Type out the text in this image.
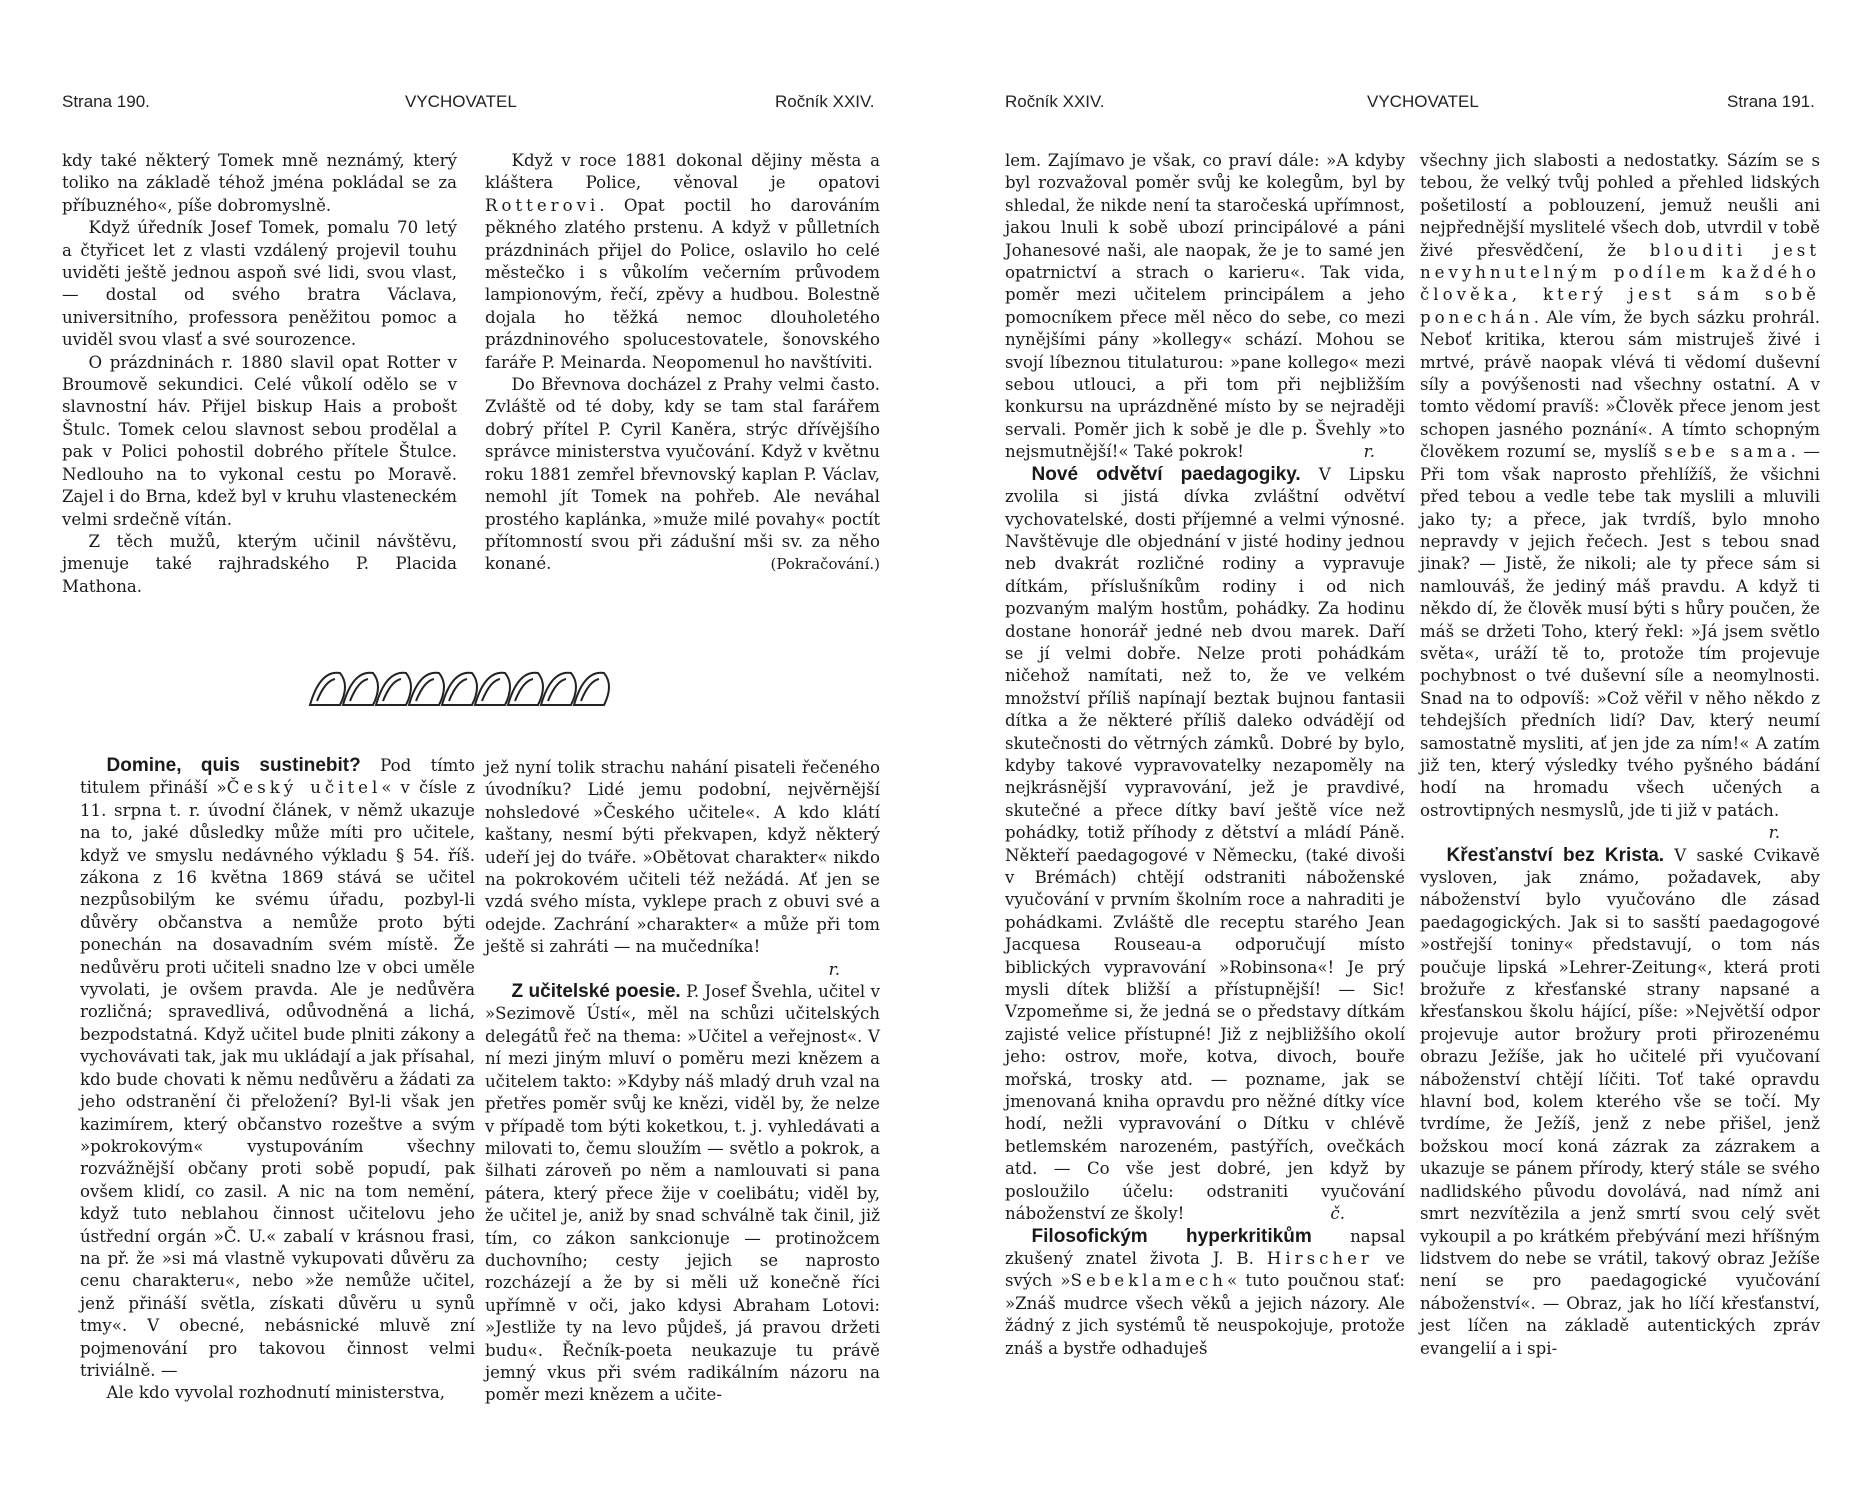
Strana 190.	VYCHOVATEL	Ročník XXIV.

kdy také některý Tomek mně neznámý, který toliko na základě téhož jména pokládal se za příbuzného«, píše dobromyslně.

Když úředník Josef Tomek, pomalu 70 letý a čtyřicet let z vlasti vzdálený projevil touhu uviděti ještě jednou aspoň své lidi, svou vlast, — dostal od svého bratra Václava, universitního, professora peněžitou pomoc a uviděl svou vlasť a své sourozence.

O prázdninách r. 1880 slavil opat Rotter v Broumově sekundici. Celé vůkolí odělo se v slavnostní háv. Přijel biskup Hais a probošt Štulc. Tomek celou slavnost sebou prodělal a pak v Polici pohostil dobrého přítele Štulce. Nedlouho na to vykonal cestu po Moravě. Zajel i do Brna, kdež byl v kruhu vlasteneckém velmi srdečně vítán.

Z těch mužů, kterým učinil návštěvu, jmenuje také rajhradského P. Placida Mathona.

Když v roce 1881 dokonal dějiny města a kláštera Police, věnoval je opatovi Rotterovi. Opat poctil ho darováním pěkného zlatého prstenu. A když v půlletních prázdninách přijel do Police, oslavilo ho celé městečko i s vůkolím večerním průvodem lampionovým, řečí, zpěvy a hudbou. Bolestně dojala ho těžká nemoc dlouholetého prázdninového spolucestovatele, šonovského faráře P. Meinarda. Neopomenul ho navštíviti.

Do Břevnova docházel z Prahy velmi často. Zvláště od té doby, kdy se tam stal farářem dobrý přítel P. Cyril Kaněra, strýc dřívějšího správce ministerstva vyučování. Když v květnu roku 1881 zemřel břevnovský kaplan P. Václav, nemohl jít Tomek na pohřeb. Ale neváhal prostého kaplánka, »muže milé povahy« poctít přítomností svou při zádušní mši sv. za něho konané.	(Pokračování.)

Domine, quis sustinebit? Pod tímto titulem přináší »Český učitel« v čísle z 11. srpna t. r. úvodní článek, v němž ukazuje na to, jaké důsledky může míti pro učitele, když ve smyslu nedávného výkladu § 54. říš. zákona z 16 května 1869 stává se učitel nezpůsobilým ke svému úřadu, pozbyl-li důvěry občanstva a nemůže proto býti ponechán na dosavadním svém místě. Že nedůvěru proti učiteli snadno lze v obci uměle vyvolati, je ovšem pravda. Ale je nedůvěra rozličná; spravedlivá, odůvodněná a lichá, bezpodstatná. Když učitel bude plniti zákony a vychovávati tak, jak mu ukládají a jak přísahal, kdo bude chovati k němu nedůvěru a žádati za jeho odstranění či přeložení? Byl-li však jen kazimírem, který občanstvo rozeštve a svým »pokrokovým« vystupováním všechny rozvážnější občany proti sobě popudí, pak ovšem klidí, co zasil. A nic na tom nemění, když tuto neblahou činnost učitelovu jeho ústřední orgán »Č. U.« zabalí v krásnou frasi, na př. že »si má vlastně vykupovati důvěru za cenu charakteru«, nebo »že nemůže učitel, jenž přináší světla, získati důvěru u synů tmy«. V obecné, nebásnické mluvě zní pojmenování pro takovou činnost velmi triviálně. —

Ale kdo vyvolal rozhodnutí ministerstva,

jež nyní tolik strachu nahání pisateli řečeného úvodníku? Lidé jemu podobní, nejvěrnější nohsledové »Českého učitele«. A kdo klátí kaštany, nesmí býti překvapen, když některý udeří jej do tváře. »Obětovat charakter« nikdo na pokrokovém učiteli též nežádá. Ať jen se vzdá svého místa, vyklepe prach z obuvi své a odejde. Zachrání »charakter« a může při tom ještě si zahráti — na mučedníka!
r.

Z učitelské poesie. P. Josef Švehla, učitel v »Sezimově Ústí«, měl na schůzi učitelských delegátů řeč na thema: »Učitel a veřejnost«. V ní mezi jiným mluví o poměru mezi knězem a učitelem takto: »Kdyby náš mladý druh vzal na přetřes poměr svůj ke knězi, viděl by, že nelze v případě tom býti koketkou, t. j. vyhledávati a milovati to, čemu sloužím — světlo a pokrok, a šilhati zároveň po něm a namlouvati si pana pátera, který přece žije v coelibátu; viděl by, že učitel je, aniž by snad schválně tak činil, již tím, co zákon sankcionuje — protinožcem duchovního; cesty jejich se naprosto rozcházejí a že by si měli už konečně říci upřímně v oči, jako kdysi Abraham Lotovi: »Jestliže ty na levo půjdeš, já pravou držeti budu«. Řečník-poeta neukazuje tu právě jemný vkus při svém radikálním názoru na poměr mezi knězem a učite-

Ročník XXIV.	VYCHOVATEL	Strana 191.

lem. Zajímavo je však, co praví dále: »A kdyby byl rozvažoval poměr svůj ke kolegům, byl by shledal, že nikde není ta staročeská upřímnost, jakou lnuli k sobě ubozí principálové a páni Johanesové naši, ale naopak, že je to samé jen opatrnictví a strach o karieru«. Tak vida, poměr mezi učitelem principálem a jeho pomocníkem přece měl něco do sebe, co mezi nynějšími pány »kollegy« schází. Mohou se svojí líbeznou titulaturou: »pane kollego« mezi sebou utlouci, a při tom při nejbližším konkursu na uprázdněné místo by se nejraději servali. Poměr jich k sobě je dle p. Švehly »to nejsmutnější!« Také pokrok!	r.

Nové odvětví paedagogiky. V Lipsku zvolila si jistá dívka zvláštní odvětví vychovatelské, dosti příjemné a velmi výnosné. Navštěvuje dle objednání v jisté hodiny jednou neb dvakrát rozličné rodiny a vypravuje dítkám, příslušníkům rodiny i od nich pozvaným malým hostům, pohádky. Za hodinu dostane honorář jedné neb dvou marek. Daří se jí velmi dobře. Nelze proti pohádkám ničehož namítati, než to, že ve velkém množství příliš napínají beztak bujnou fantasii dítka a že některé příliš daleko odvádějí od skutečnosti do větrných zámků. Dobré by bylo, kdyby takové vypravovatelky nezapoměly na nejkrásnější vypravování, jež je pravdivé, skutečné a přece dítky baví ještě více než pohádky, totiž příhody z dětství a mládí Páně. Někteří paedagogové v Německu, (také divoši v Brémách) chtějí odstraniti náboženské vyučování v prvním školním roce a nahraditi je pohádkami. Zvláště dle receptu starého Jean Jacquesa Rouseau-a odporučují místo biblických vypravování »Robinsona«! Je prý mysli dítek bližší a přístupnější! — Sic! Vzpomeňme si, že jedná se o představy dítkám zajisté velice přístupné! Již z nejbližšího okolí jeho: ostrov, moře, kotva, divoch, bouře mořská, trosky atd. — pozname, jak se jmenovaná kniha opravdu pro něžné dítky více hodí, nežli vypravování o Dítku v chlévě betlemském narozeném, pastýřích, ovečkách atd. — Co vše jest dobré, jen když by posloužilo účelu: odstraniti vyučování náboženství ze školy!	č.

Filosofickým hyperkritikům napsal zkušený znatel života J. B. Hirscher ve svých »Sebeklamech« tuto poučnou stať: »Znáš mudrce všech věků a jejich názory. Ale žádný z jich systémů tě neuspokojuje, protože znáš a bystře odhaduješ

všechny jich slabosti a nedostatky. Sázím se s tebou, že velký tvůj pohled a přehled lidských pošetilostí a poblouzení, jemuž neušli ani nejpřednější myslitelé všech dob, utvrdil v tobě živé přesvědčení, že blouditi jest nevyhnutelným podílem každého člověka, který jest sám sobě ponechán. Ale vím, že bych sázku prohrál. Neboť kritika, kterou sám mistruješ živé i mrtvé, právě naopak vlévá ti vědomí duševní síly a povýšenosti nad všechny ostatní. A v tomto vědomí pravíš: »Člověk přece jenom jest schopen jasného poznání«. A tímto schopným člověkem rozumí se, myslíš sebe sama. — Při tom však naprosto přehlížíš, že všichni před tebou a vedle tebe tak myslili a mluvili jako ty; a přece, jak tvrdíš, bylo mnoho nepravdy v jejich řečech. Jest s tebou snad jinak? — Jistě, že nikoli; ale ty přece sám si namlouváš, že jediný máš pravdu. A když ti někdo dí, že člověk musí býti s hůry poučen, že máš se držeti Toho, který řekl: »Já jsem světlo světa«, uráží tě to, protože tím projevuje pochybnost o tvé duševní síle a neomylnosti. Snad na to odpovíš: »Což věřil v něho někdo z tehdejších předních lidí? Dav, který neumí samostatně mysliti, ať jen jde za ním!« A zatím již ten, který výsledky tvého pyšného bádání hodí na hromadu všech učených a ostrovtipných nesmyslů, jde ti již v patách.
r.

Křesťanství bez Krista. V saské Cvikavě vysloven, jak známo, požadavek, aby náboženství bylo vyučováno dle zásad paedagogických. Jak si to sasští paedagogové »ostřejší toniny« představují, o tom nás poučuje lipská »Lehrer-Zeitung«, která proti brožuře z křesťanské strany napsané a křesťanskou školu hájící, píše: »Největší odpor projevuje autor brožury proti přirozenému obrazu Ježíše, jak ho učitelé při vyučovaní náboženství chtějí líčiti. Toť také opravdu hlavní bod, kolem kterého vše se točí. My tvrdíme, že Ježíš, jenž z nebe přišel, jenž božskou mocí koná zázrak za zázrakem a ukazuje se pánem přírody, který stále se svého nadlidského původu dovolává, nad nímž ani smrt nezvítězila a jenž smrtí svou celý svět vykoupil a po krátkém přebývání mezi hříšným lidstvem do nebe se vrátil, takový obraz Ježíše není se pro paedagogické vyučování náboženství«. — Obraz, jak ho líčí křesťanství, jest líčen na základě autentických zpráv evangelií a i spi-
